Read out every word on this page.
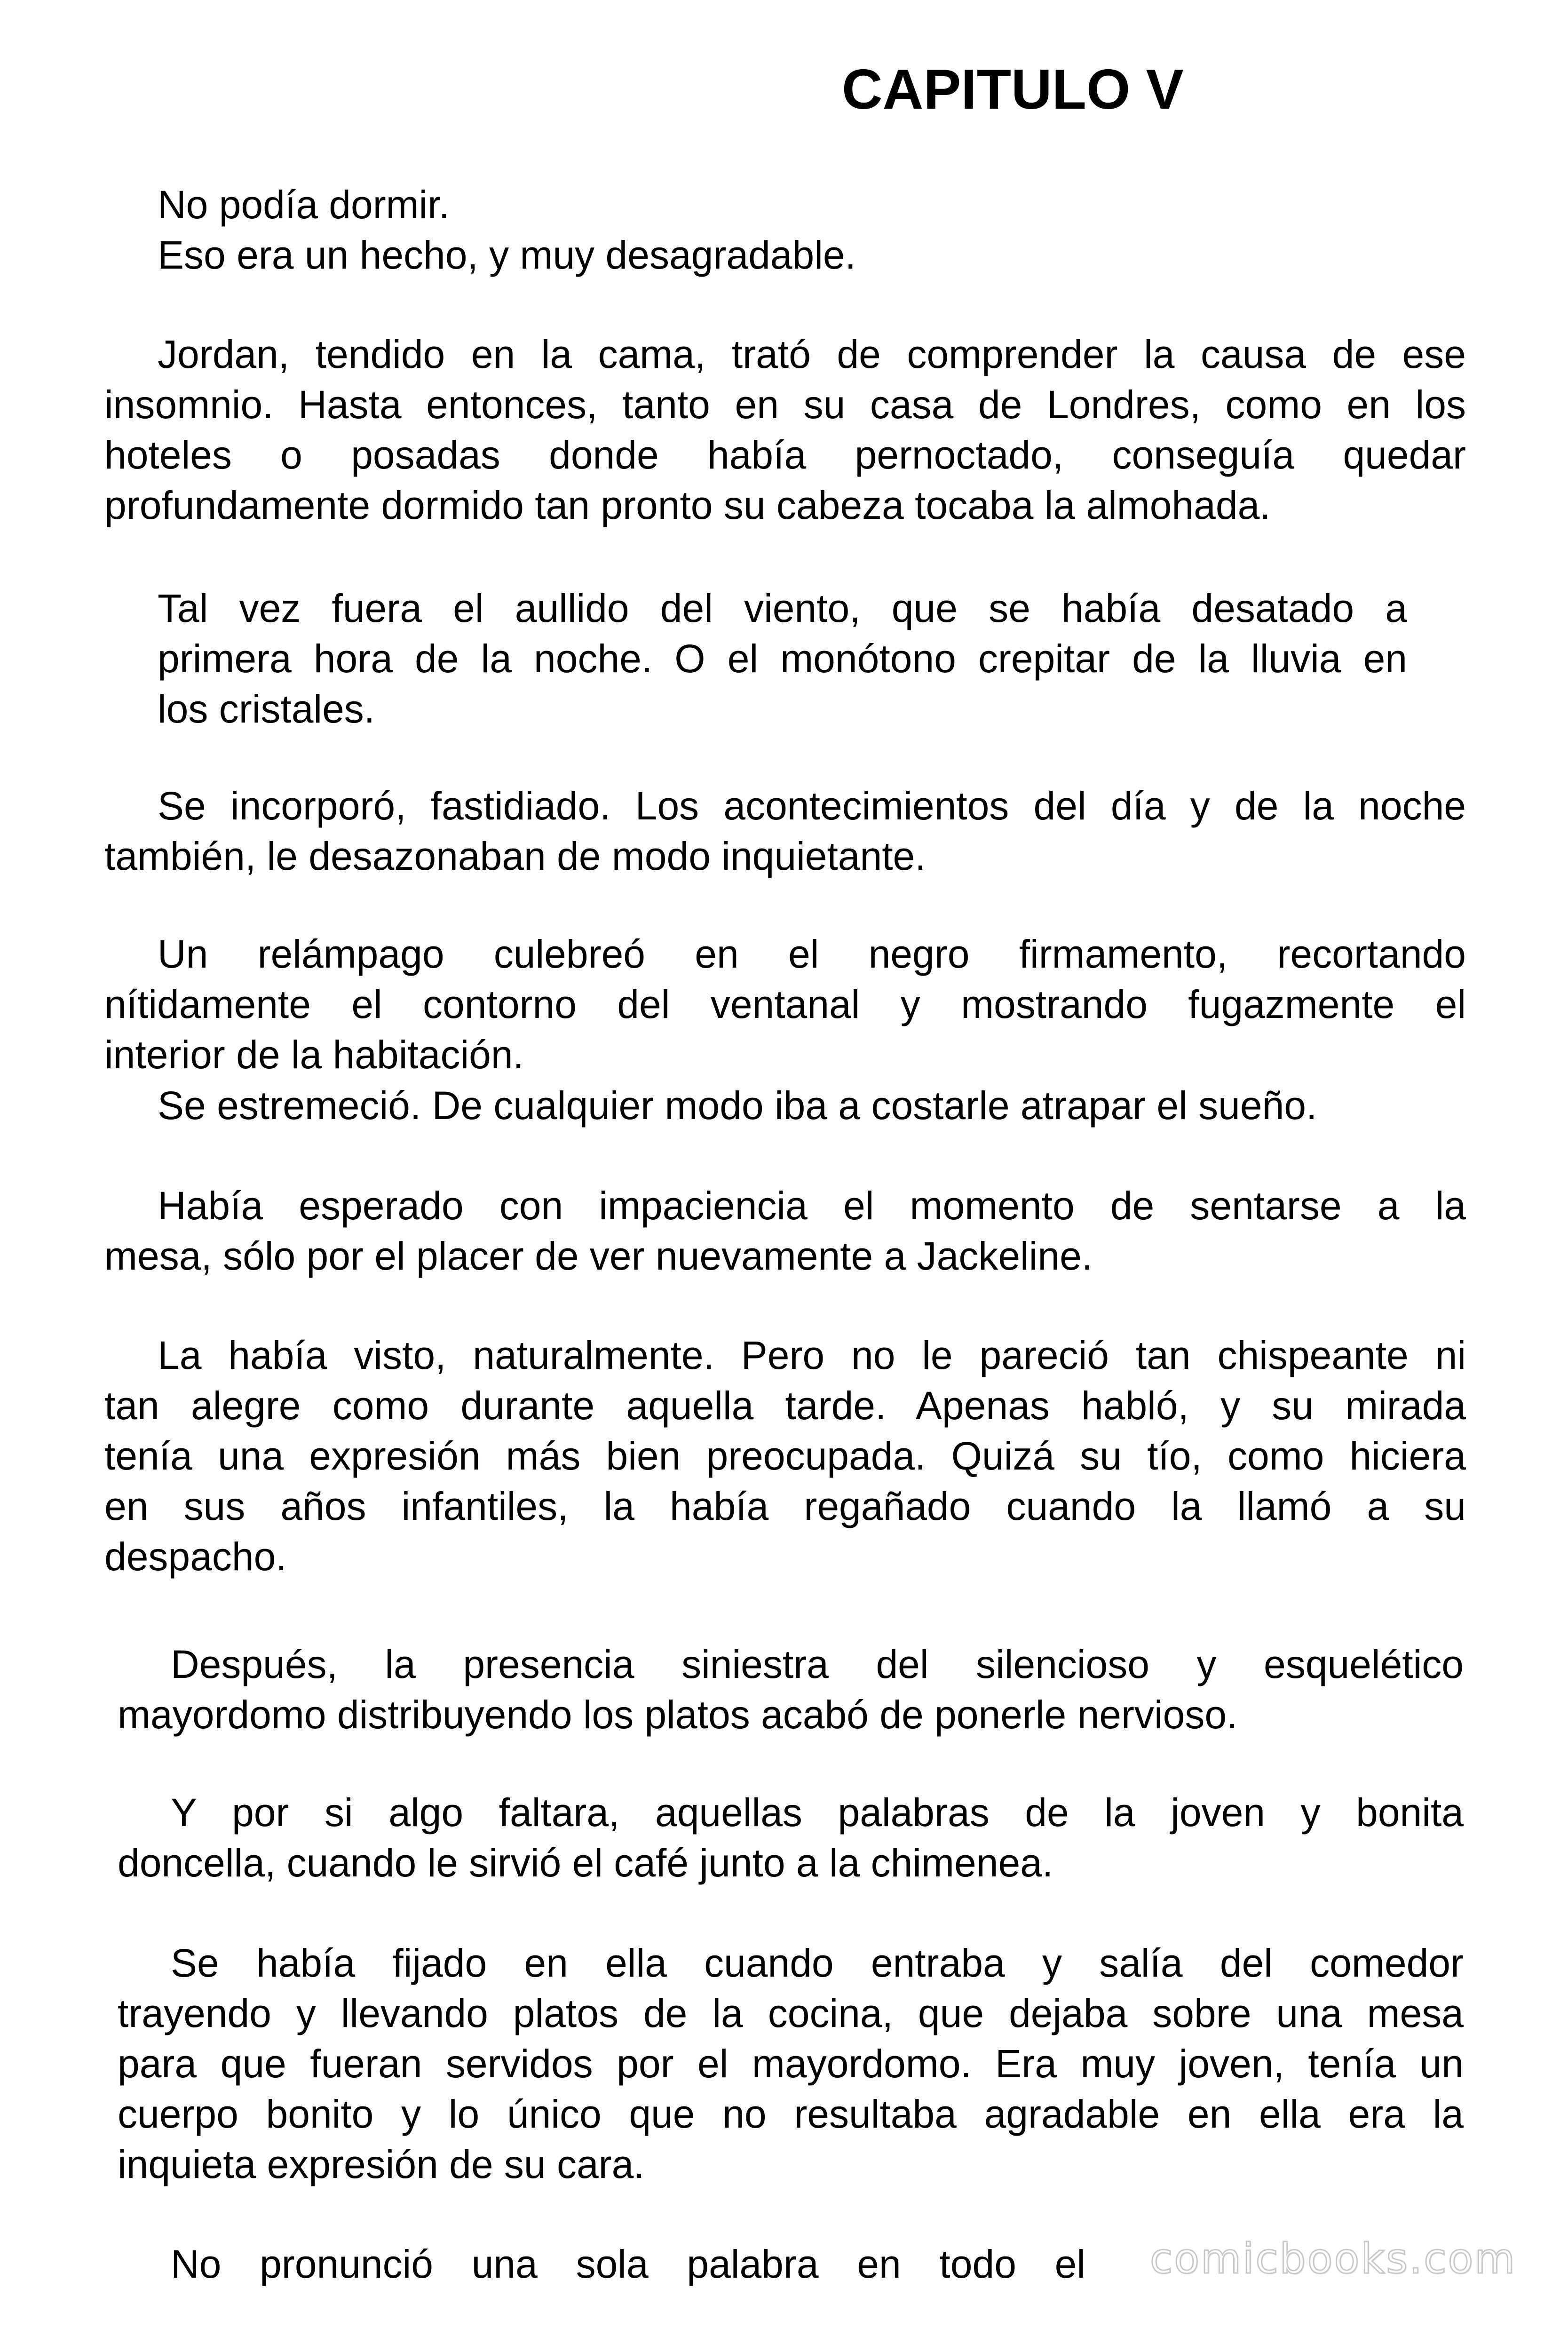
CAPITULO V
No podía dormir.
Eso era un hecho, y muy desagradable.
Jordan, tendido en la cama, trató de comprender la causa de ese
insomnio. Hasta entonces, tanto en su casa de Londres, como en los
hoteles o posadas donde había pernoctado, conseguía quedar
profundamente dormido tan pronto su cabeza tocaba la almohada.
Tal vez fuera el aullido del viento, que se había desatado a
primera hora de la noche. O el monótono crepitar de la lluvia en
los cristales.
Se incorporó, fastidiado. Los acontecimientos del día y de la noche
también, le desazonaban de modo inquietante.
Un relámpago culebreó en el negro firmamento, recortando
nítidamente el contorno del ventanal y mostrando fugazmente el
interior de la habitación.
Se estremeció. De cualquier modo iba a costarle atrapar el sueño.
Había esperado con impaciencia el momento de sentarse a la
mesa, sólo por el placer de ver nuevamente a Jackeline.
La había visto, naturalmente. Pero no le pareció tan chispeante ni
tan alegre como durante aquella tarde. Apenas habló, y su mirada
tenía una expresión más bien preocupada. Quizá su tío, como hiciera
en sus años infantiles, la había regañado cuando la llamó a su
despacho.
Después, la presencia siniestra del silencioso y esquelético
mayordomo distribuyendo los platos acabó de ponerle nervioso.
Y por si algo faltara, aquellas palabras de la joven y bonita
doncella, cuando le sirvió el café junto a la chimenea.
Se había fijado en ella cuando entraba y salía del comedor
trayendo y llevando platos de la cocina, que dejaba sobre una mesa
para que fueran servidos por el mayordomo. Era muy joven, tenía un
cuerpo bonito y lo único que no resultaba agradable en ella era la
inquieta expresión de su cara.
No pronunció una sola palabra en todo el comicbooks.com
